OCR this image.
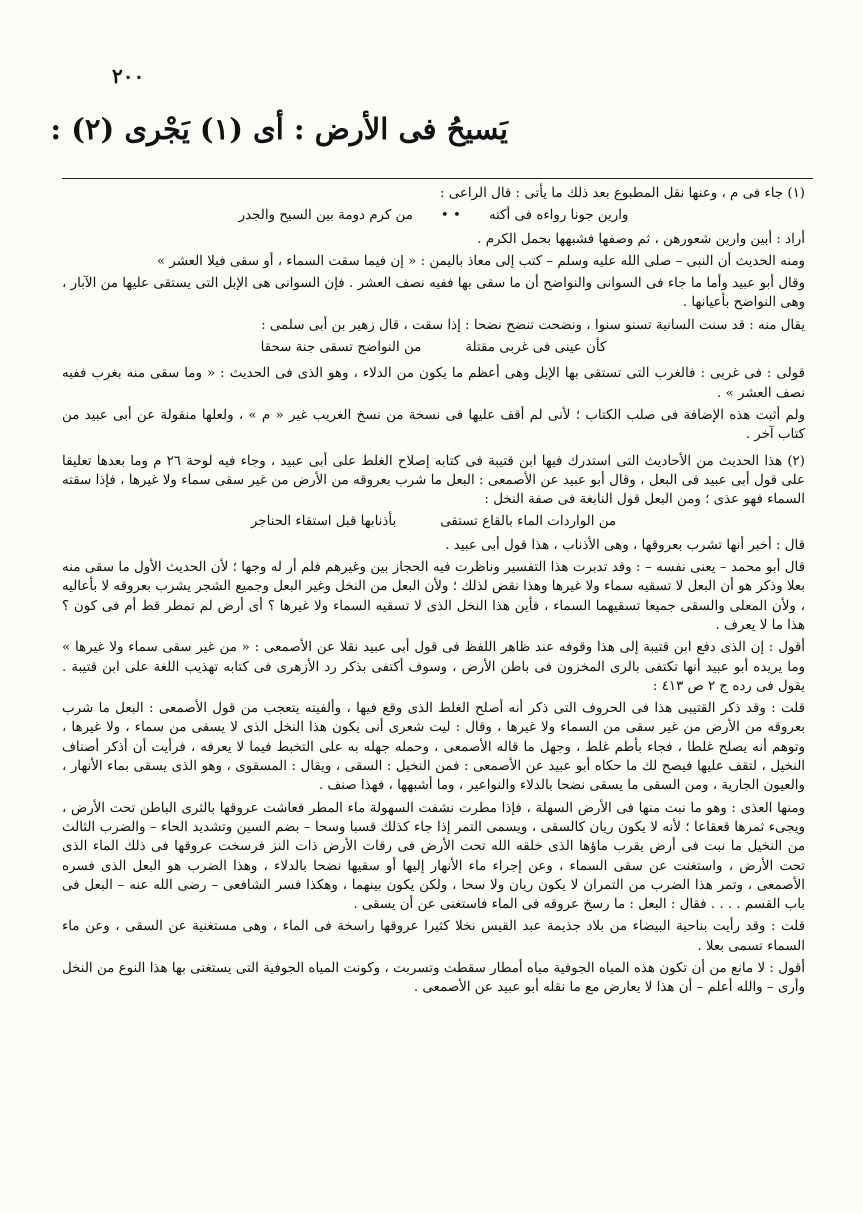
٢٠٠
يَسيحُ فى الأرض : أى (١) يَجْرى (٢) :

(١) جاء فى م ، وعنها نقل المطبوع بعد ذلك ما يأتى : قال الراعى :

وارين جونا رواءه فى أكته• •من كرم دومة بين السيح والجدر

أراد : أبين وارين شعورهن ، ثم وصفها فشبهها بحمل الكرم .

ومنه الحديث أن النبى – صلى الله عليه وسلم – كتب إلى معاذ باليمن : « إن فيما سقت السماء ، أو سقى فيلا العشر »

وقال أبو عبيد وأما ما جاء فى السوانى والنواضح أن ما سقى بها ففيه نصف العشر . فإن السوانى هى الإبل التى يستقى عليها من الآبار ، وهى النواضح بأعيانها .

يقال منه : قد سنت السانية تسنو سنوا ، ونضحت تنضح نضحا : إذا سقت ، قال زهير بن أبى سلمى :

كأن عينى فى غربى مقتلةمن النواضح تسقى جنة سحقا

قولى : فى غربى : فالغرب التى تستقى بها الإبل وهى أعظم ما يكون من الدلاء ، وهو الذى فى الحديث : « وما سقى منه بغرب ففيه نصف العشر » .

ولم أثبت هذه الإضافة فى صلب الكتاب ؛ لأنى لم أقف عليها فى نسخة من نسخ الغريب غير « م » ، ولعلها منقولة عن أبى عبيد من كتاب آخر .

(٢) هذا الحديث من الأحاديث التى استدرك فيها ابن قتيبة فى كتابه إصلاح الغلط على أبى عبيد ، وجاء فيه لوحة ٢٦ م وما بعدها تعليقا على قول أبى عبيد فى البعل ، وقال أبو عبيد عن الأصمعى : البعل ما شرب بعروقه من الأرض من غير سقى سماء ولا غيرها ، فإذا سقته السماء فهو عذى ؛ ومن البعل قول النابغة فى صفة النخل :

من الواردات الماء بالقاع تستقىبأذنابها قبل استقاء الحناجر

قال : أخبر أنها تشرب بعروقها ، وهى الأذناب ، هذا قول أبى عبيد .

قال أبو محمد – يعنى نفسه – : وقد تدبرت هذا التفسير وناظرت فيه الحجاز بين وغيرهم فلم أر له وجها ؛ لأن الحديث الأول ما سقى منه بعلا وذكر هو أن البعل لا تسقيه سماء ولا غيرها وهذا نقض لذلك ؛ ولأن البعل من النخل وغير البعل وجميع الشجر يشرب بعروقه لا بأعاليه ، ولأن المعلى والسقى جميعا تسقيهما السماء ، فأين هذا النخل الذى لا تسقيه السماء ولا غيرها ؟ أى أرض لم تمطر قط أم فى كون ؟ هذا ما لا يعرف .

أقول : إن الذى دفع ابن قتيبة إلى هذا وقوفه عند ظاهر اللفظ فى قول أبى عبيد نقلا عن الأصمعى : « من غير سقى سماء ولا غيرها » وما يريده أبو عبيد أنها تكتفى بالرى المخزون فى باطن الأرض ، وسوف أكتفى بذكر رد الأزهرى فى كتابه تهذيب اللغة على ابن قتيبة . يقول فى رده ج ٢ ص ٤١٣ :

قلت : وقد ذكر القتيبى هذا فى الحروف التى ذكر أنه أصلح الغلط الذى وقع فيها ، وألفيته يتعجب من قول الأصمعى : البعل ما شرب بعروقه من الأرض من غير سقى من السماء ولا غيرها ، وقال : ليت شعرى أنى يكون هذا النخل الذى لا يسقى من سماء ، ولا غيرها ، وتوهم أنه يصلح غلطا ، فجاء بأطم غلط ، وجهل ما قاله الأصمعى ، وحمله جهله به على التخبط فيما لا يعرفه ، فرأيت أن أذكر أصناف النخيل ، لتقف عليها فيصح لك ما حكاه أبو عبيد عن الأصمعى : فمن النخيل : السقى ، ويقال : المسقوى ، وهو الذى يسقى بماء الأنهار ، والعيون الجارية ، ومن السقى ما يسقى نضحا بالدلاء والنواعير ، وما أشبهها ، فهذا صنف .

ومنها العذى : وهو ما نبت منها فى الأرض السهلة ، فإذا مطرت نشفت السهولة ماء المطر فعاشت عروقها بالثرى الباطن تحت الأرض ، ويجىء ثمرها قعقاعا ؛ لأنه لا يكون ريان كالسقى ، ويسمى التمر إذا جاء كذلك قسبا وسحا – بضم السين وتشديد الحاء – والضرب الثالث من النخيل ما نبت فى أرض يقرب ماؤها الذى خلقه الله تحت الأرض فى رقات الأرض ذات النز فرسخت عروقها فى ذلك الماء الذى تحت الأرض ، واستغنت عن سقى السماء ، وعن إجراء ماء الأنهار إليها أو سقيها نضحا بالدلاء ، وهذا الضرب هو البعل الذى فسره الأصمعى ، وتمر هذا الضرب من التمران لا يكون ريان ولا سحا ، ولكن يكون بينهما ، وهكذا فسر الشافعى – رضى الله عنه – البعل فى باب القسم . . . . فقال : البعل : ما رسخ عروقه فى الماء فاستغنى عن أن يسقى .

قلت : وقد رأيت بناحية البيضاء من بلاد جذيمة عبد القيس نخلا كثيرا عروقها راسخة فى الماء ، وهى مستغنية عن السقى ، وعن ماء السماء تسمى بعلا .

أقول : لا مانع من أن تكون هذه المياه الجوفية مياه أمطار سقطت وتسربت ، وكونت المياه الجوفية التى يستغنى بها هذا النوع من النخل وأرى – والله أعلم – أن هذا لا يعارض مع ما نقله أبو عبيد عن الأصمعى .
